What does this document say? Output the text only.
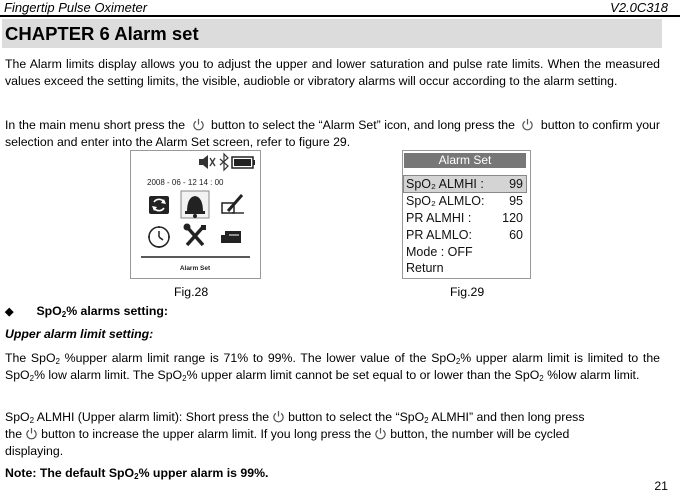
Fingertip Pulse Oximeter	V2.0C318
CHAPTER 6 Alarm set

The Alarm limits display allows you to adjust the upper and lower saturation and pulse rate limits. When the measured values exceed the setting limits, the visible, audioble or vibratory alarms will occur according to the alarm setting.

In the main menu short press the button to select the “Alarm Set” icon, and long press the button to confirm your selection and enter into the Alarm Set screen, refer to figure 29.

2008 - 06 - 12 14 : 00
Alarm Set
Fig.28
Alarm Set
SpO₂ ALMHI : 99
SpO₂ ALMLO: 95
PR ALMHI : 120
PR ALMLO:	60
Mode : OFF
Return
Fig.29
◆ SpO$_2$% alarms setting:
Upper alarm limit setting:

The SpO$_2$ %upper alarm limit range is 71% to 99%. The lower value of the SpO$_2$% upper alarm limit is limited to the SpO$_2$% low alarm limit. The SpO$_2$% upper alarm limit cannot be set equal to or lower than the SpO$_2$ %low alarm limit.

SpO$_2$ ALMHI (Upper alarm limit): Short press the button to select the “SpO$_2$ ALMHI” and then long press
the button to increase the upper alarm limit. If you long press the button, the number will be cycled
displaying.

Note: The default SpO$_2$% upper alarm is 99%.
21
